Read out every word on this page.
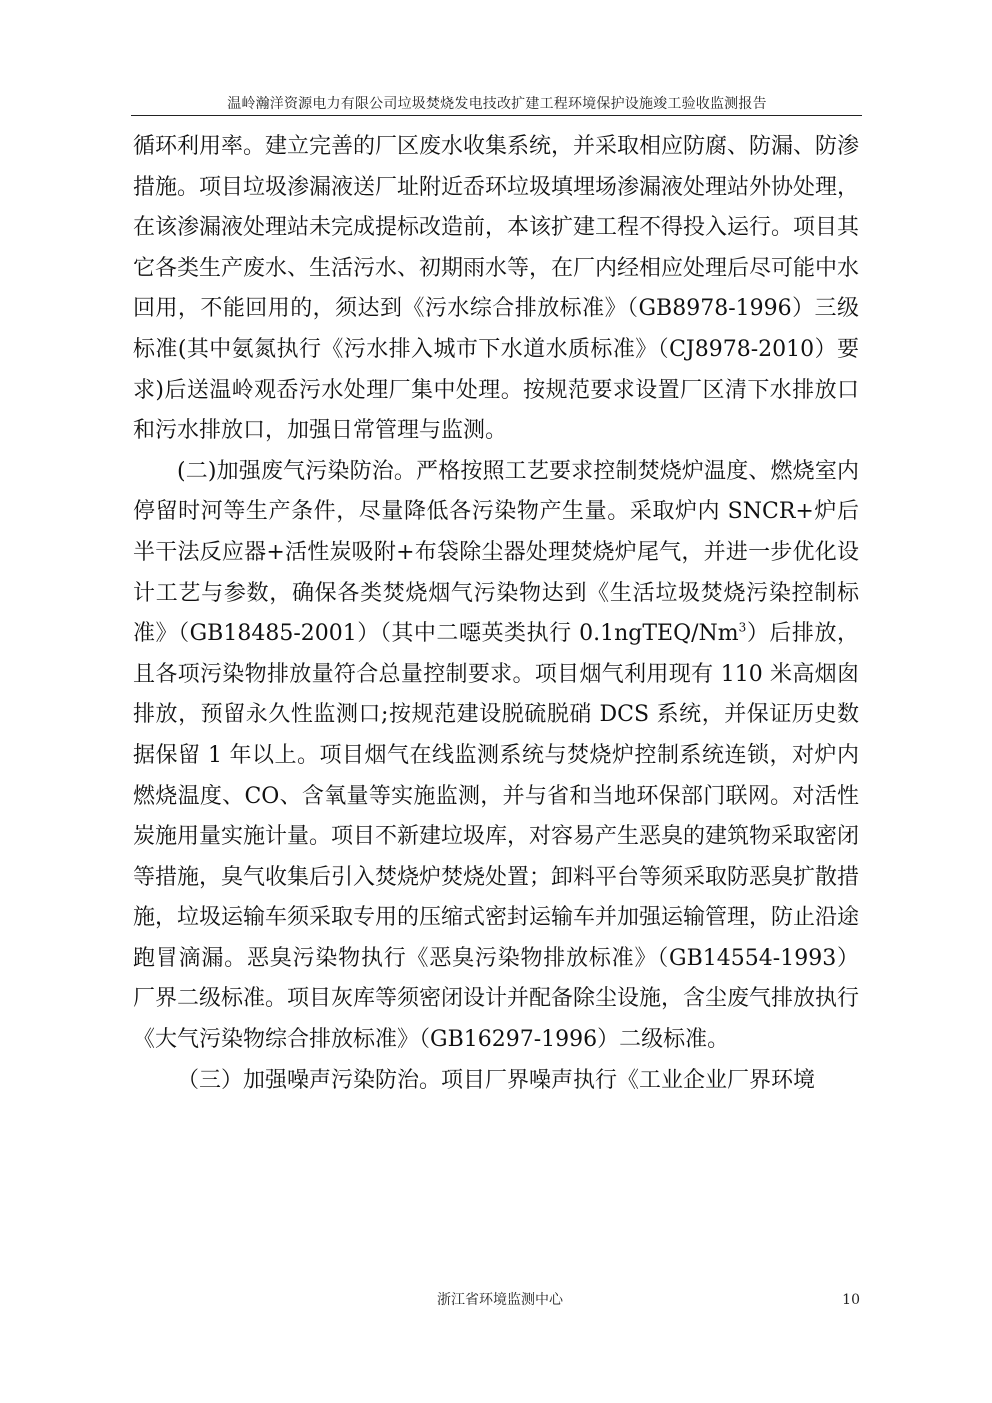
温岭瀚洋资源电力有限公司垃圾焚烧发电技改扩建工程环境保护设施竣工验收监测报告

循环利用率。建立完善的厂区废水收集系统，并采取相应防腐、防漏、防渗措施。项目垃圾渗漏液送厂址附近岙环垃圾填埋场渗漏液处理站外协处理，在该渗漏液处理站未完成提标改造前，本该扩建工程不得投入运行。项目其它各类生产废水、生活污水、初期雨水等，在厂内经相应处理后尽可能中水回用，不能回用的，须达到《污水综合排放标准》（GB8978-1996）三级标准(其中氨氮执行《污水排入城市下水道水质标准》（CJ8978-2010）要求)后送温岭观岙污水处理厂集中处理。按规范要求设置厂区清下水排放口和污水排放口，加强日常管理与监测。

(二)加强废气污染防治。严格按照工艺要求控制焚烧炉温度、燃烧室内停留时河等生产条件，尽量降低各污染物产生量。采取炉内 SNCR+炉后半干法反应器+活性炭吸附+布袋除尘器处理焚烧炉尾气，并进一步优化设计工艺与参数，确保各类焚烧烟气污染物达到《生活垃圾焚烧污染控制标准》（GB18485-2001）（其中二噁英类执行 0.1ngTEQ/Nm$^3$）后排放，且各项污染物排放量符合总量控制要求。项目烟气利用现有 110 米高烟囱排放，预留永久性监测口;按规范建设脱硫脱硝 DCS 系统，并保证历史数据保留 1 年以上。项目烟气在线监测系统与焚烧炉控制系统连锁，对炉内燃烧温度、CO、含氧量等实施监测，并与省和当地环保部门联网。对活性炭施用量实施计量。项目不新建垃圾库，对容易产生恶臭的建筑物采取密闭等措施，臭气收集后引入焚烧炉焚烧处置；卸料平台等须采取防恶臭扩散措施，垃圾运输车须采取专用的压缩式密封运输车并加强运输管理，防止沿途跑冒滴漏。恶臭污染物执行《恶臭污染物排放标准》（GB14554-1993）厂界二级标准。项目灰库等须密闭设计并配备除尘设施，含尘废气排放执行《大气污染物综合排放标准》（GB16297-1996）二级标准。

（三）加强噪声污染防治。项目厂界噪声执行《工业企业厂界环境

浙江省环境监测中心	10
